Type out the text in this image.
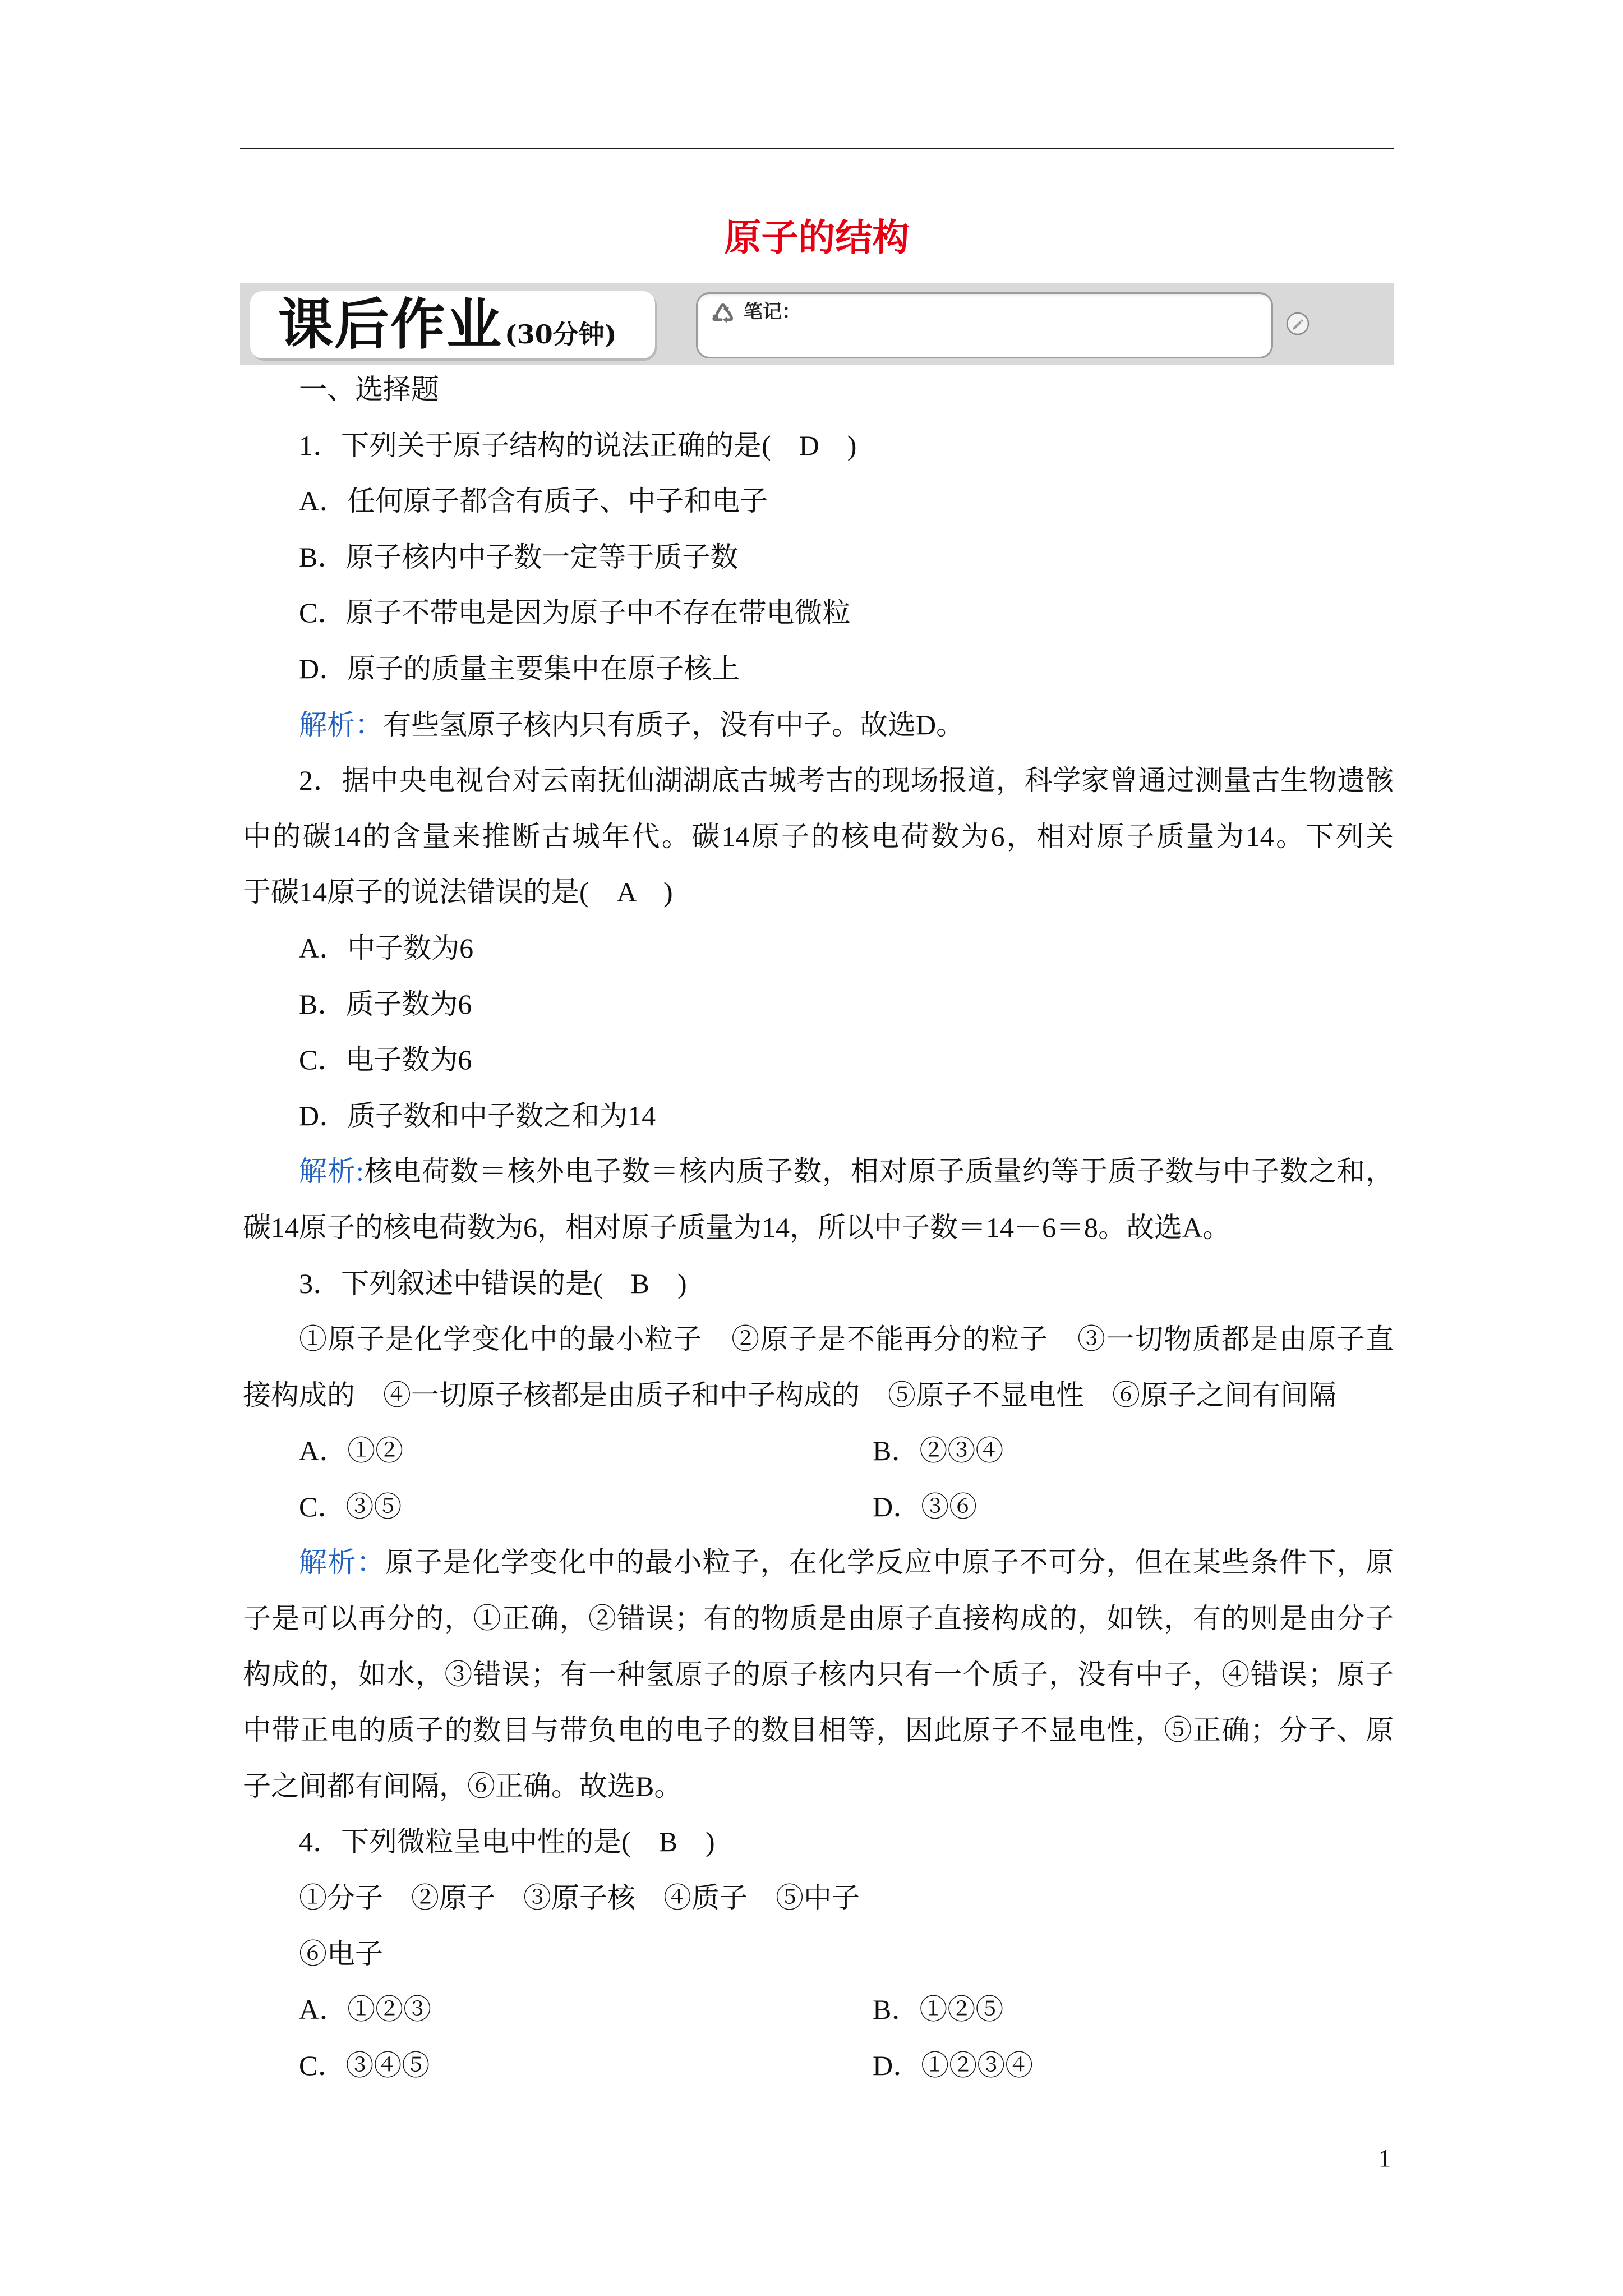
原子的结构
课后作业(30分钟)
笔记：
一、选择题
1．下列关于原子结构的说法正确的是(　D　)
A．任何原子都含有质子、中子和电子
B．原子核内中子数一定等于质子数
C．原子不带电是因为原子中不存在带电微粒
D．原子的质量主要集中在原子核上
解析：有些氢原子核内只有质子，没有中子。故选D。
2．据中央电视台对云南抚仙湖湖底古城考古的现场报道，科学家曾通过测量古生物遗骸
中的碳14的含量来推断古城年代。碳14原子的核电荷数为6，相对原子质量为14。下列关
于碳14原子的说法错误的是(　A　)
A．中子数为6
B．质子数为6
C．电子数为6
D．质子数和中子数之和为14
解析:核电荷数＝核外电子数＝核内质子数，相对原子质量约等于质子数与中子数之和，
碳14原子的核电荷数为6，相对原子质量为14，所以中子数＝14－6＝8。故选A。
3．下列叙述中错误的是(　B　)
①原子是化学变化中的最小粒子　②原子是不能再分的粒子　③一切物质都是由原子直
接构成的　④一切原子核都是由质子和中子构成的　⑤原子不显电性　⑥原子之间有间隔
A．①②	B．②③④
C．③⑤	D．③⑥
解析：原子是化学变化中的最小粒子，在化学反应中原子不可分，但在某些条件下，原
子是可以再分的，①正确，②错误；有的物质是由原子直接构成的，如铁，有的则是由分子
构成的，如水，③错误；有一种氢原子的原子核内只有一个质子，没有中子，④错误；原子
中带正电的质子的数目与带负电的电子的数目相等，因此原子不显电性，⑤正确；分子、原
子之间都有间隔，⑥正确。故选B。
4．下列微粒呈电中性的是(　B　)
①分子　②原子　③原子核　④质子　⑤中子
⑥电子
A．①②③	B．①②⑤
C．③④⑤	D．①②③④
1
